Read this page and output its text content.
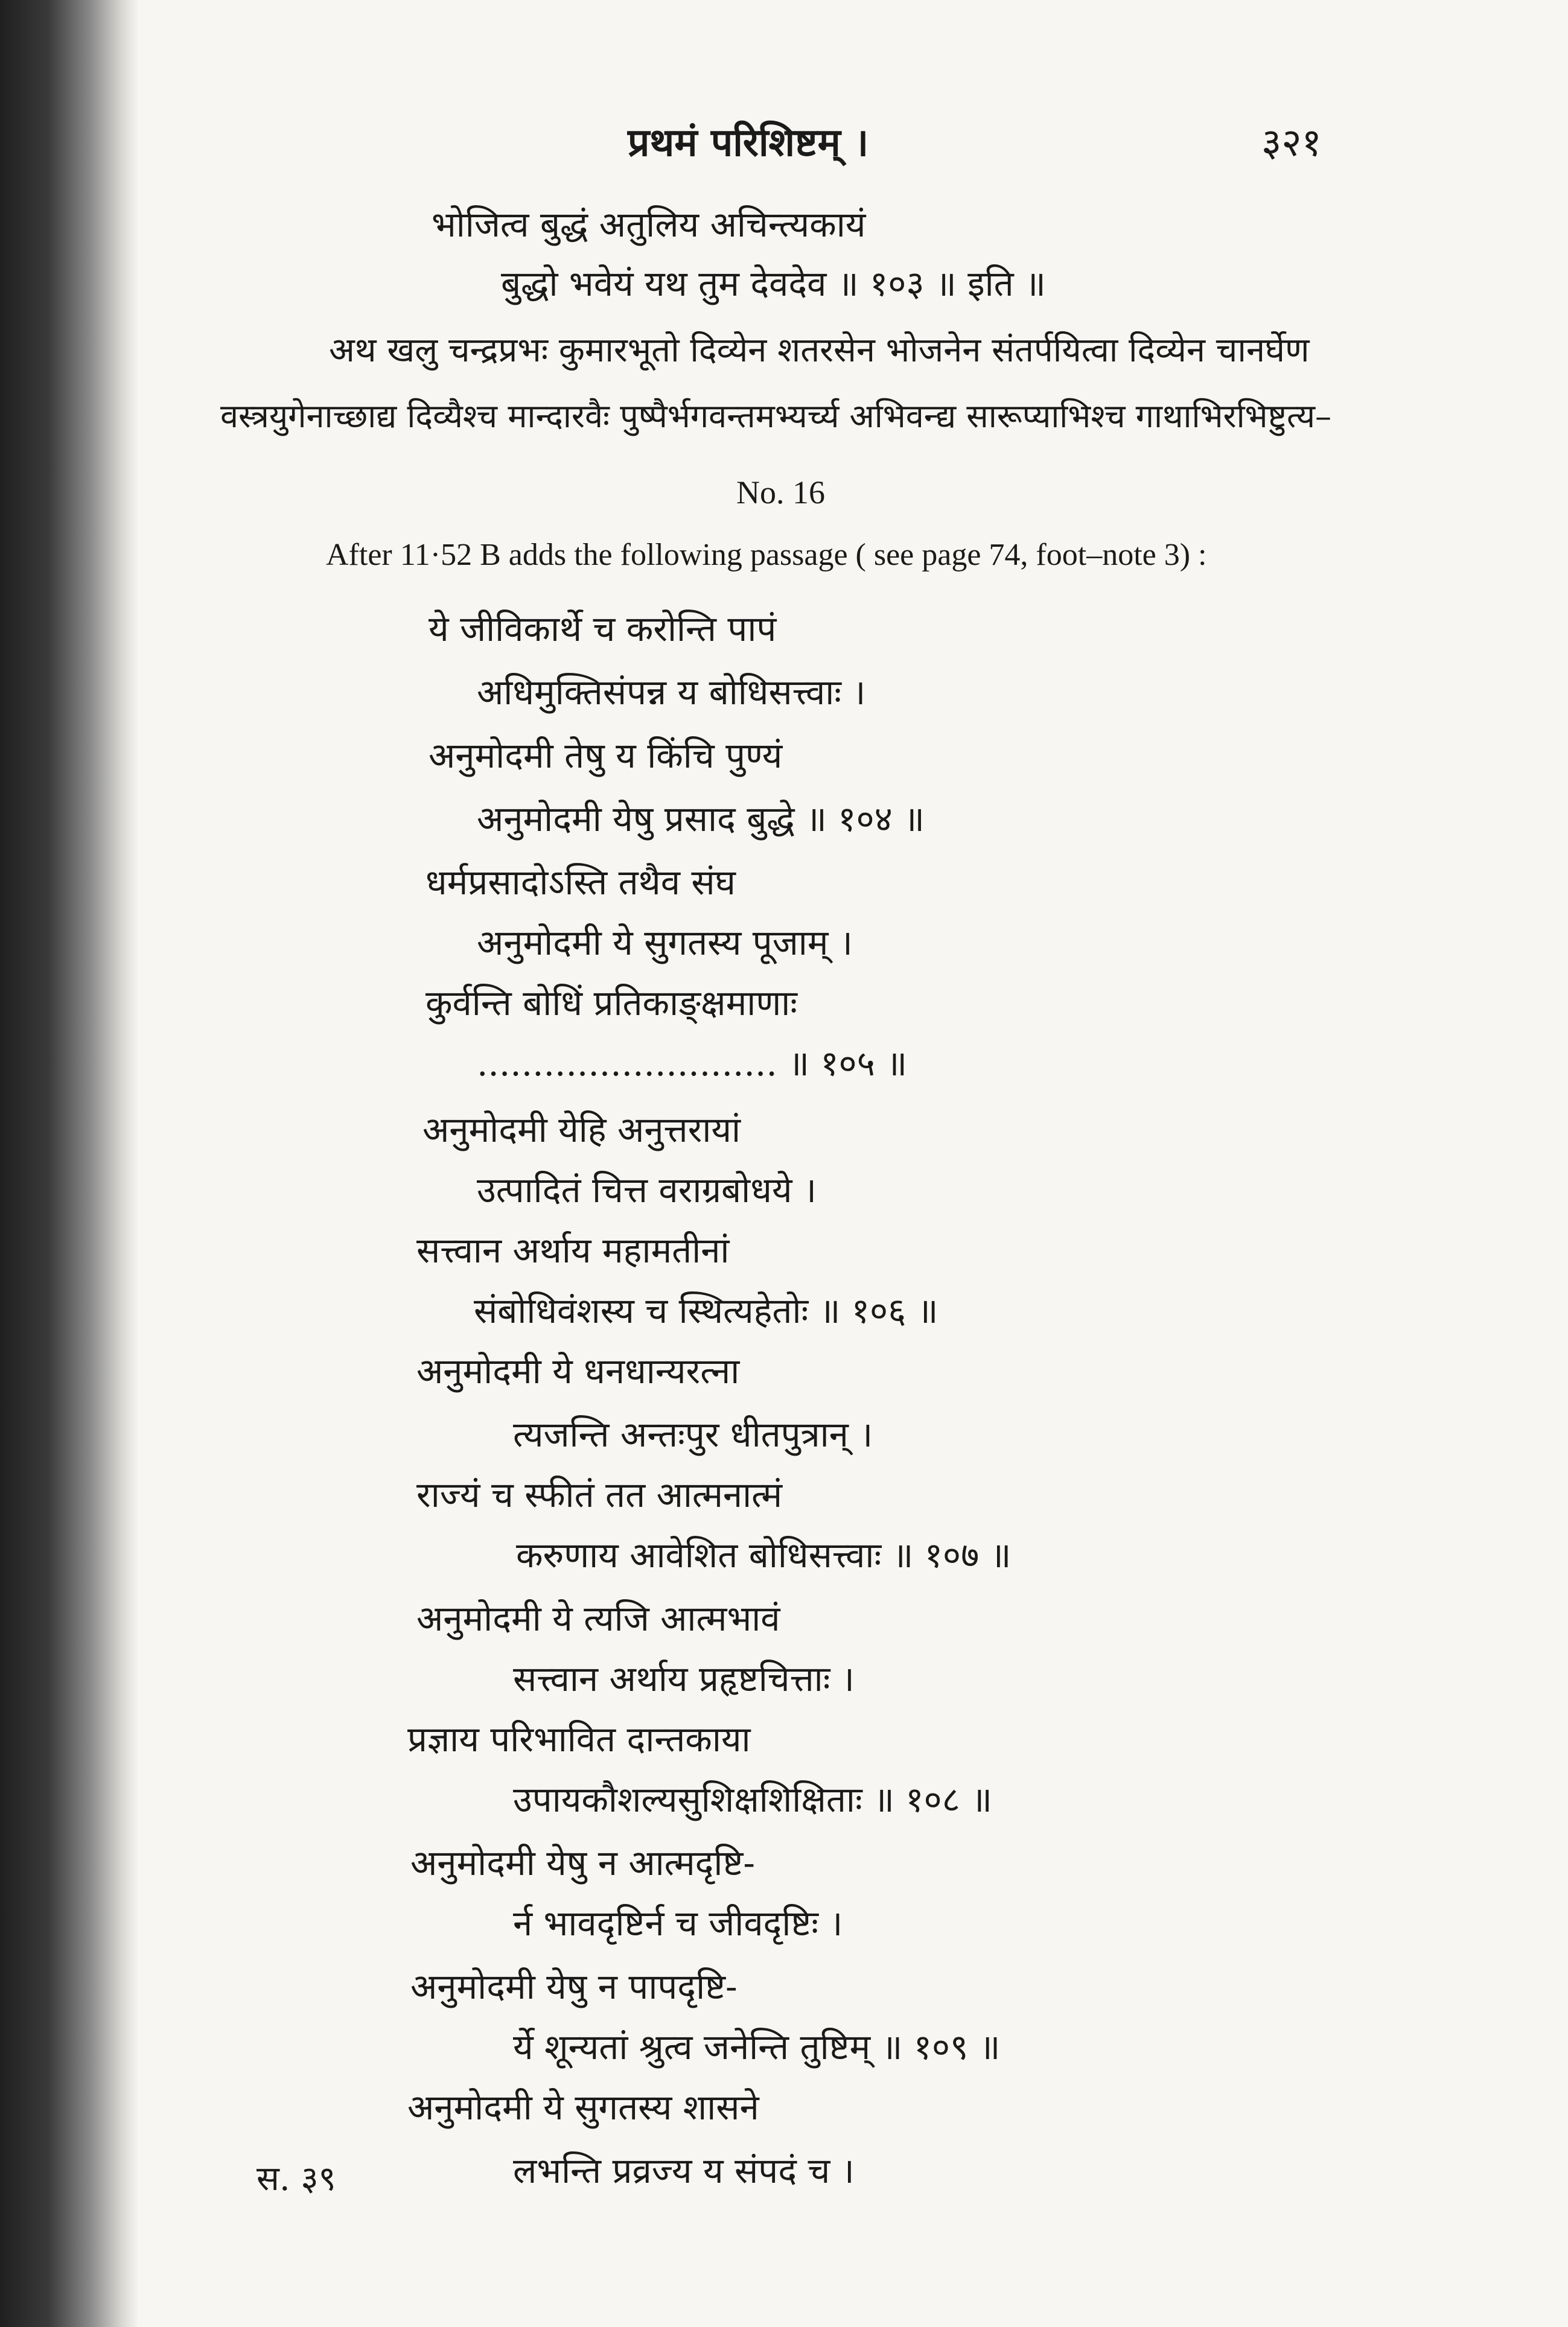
प्रथमं परिशिष्टम् ।	३२१
भोजित्व बुद्धं अतुलिय अचिन्त्यकायं
बुद्धो भवेयं यथ तुम देवदेव ॥ १०३ ॥ इति ॥
अथ खलु चन्द्रप्रभः कुमारभूतो दिव्येन शतरसेन भोजनेन संतर्पयित्वा दिव्येन चानर्घेण
वस्त्रयुगेनाच्छाद्य दिव्यैश्च मान्दारवैः पुष्पैर्भगवन्तमभ्यर्च्य अभिवन्द्य सारूप्याभिश्च गाथाभिरभिष्टुत्य–
No. 16
After 11·52 B adds the following passage ( see page 74, foot–note 3) :
ये जीविकार्थे च करोन्ति पापं
अधिमुक्तिसंपन्न य बोधिसत्त्वाः ।
अनुमोदमी तेषु य किंचि पुण्यं
अनुमोदमी येषु प्रसाद बुद्धे ॥ १०४ ॥
धर्मप्रसादोऽस्ति तथैव संघ
अनुमोदमी ये सुगतस्य पूजाम् ।
कुर्वन्ति बोधिं प्रतिकाङ्क्षमाणाः
........................... ॥ १०५ ॥
अनुमोदमी येहि अनुत्तरायां
उत्पादितं चित्त वराग्रबोधये ।
सत्त्वान अर्थाय महामतीनां
संबोधिवंशस्य च स्थित्यहेतोः ॥ १०६ ॥
अनुमोदमी ये धनधान्यरत्ना
त्यजन्ति अन्तःपुर धीतपुत्रान् ।
राज्यं च स्फीतं तत आत्मनात्मं
करुणाय आवेशित बोधिसत्त्वाः ॥ १०७ ॥
अनुमोदमी ये त्यजि आत्मभावं
सत्त्वान अर्थाय प्रहृष्टचित्ताः ।
प्रज्ञाय परिभावित दान्तकाया
उपायकौशल्यसुशिक्षशिक्षिताः ॥ १०८ ॥
अनुमोदमी येषु न आत्मदृष्टि-
र्न भावदृष्टिर्न च जीवदृष्टिः ।
अनुमोदमी येषु न पापदृष्टि-
र्ये शून्यतां श्रुत्व जनेन्ति तुष्टिम् ॥ १०९ ॥
अनुमोदमी ये सुगतस्य शासने
लभन्ति प्रव्रज्य य संपदं च ।
स. ३९
